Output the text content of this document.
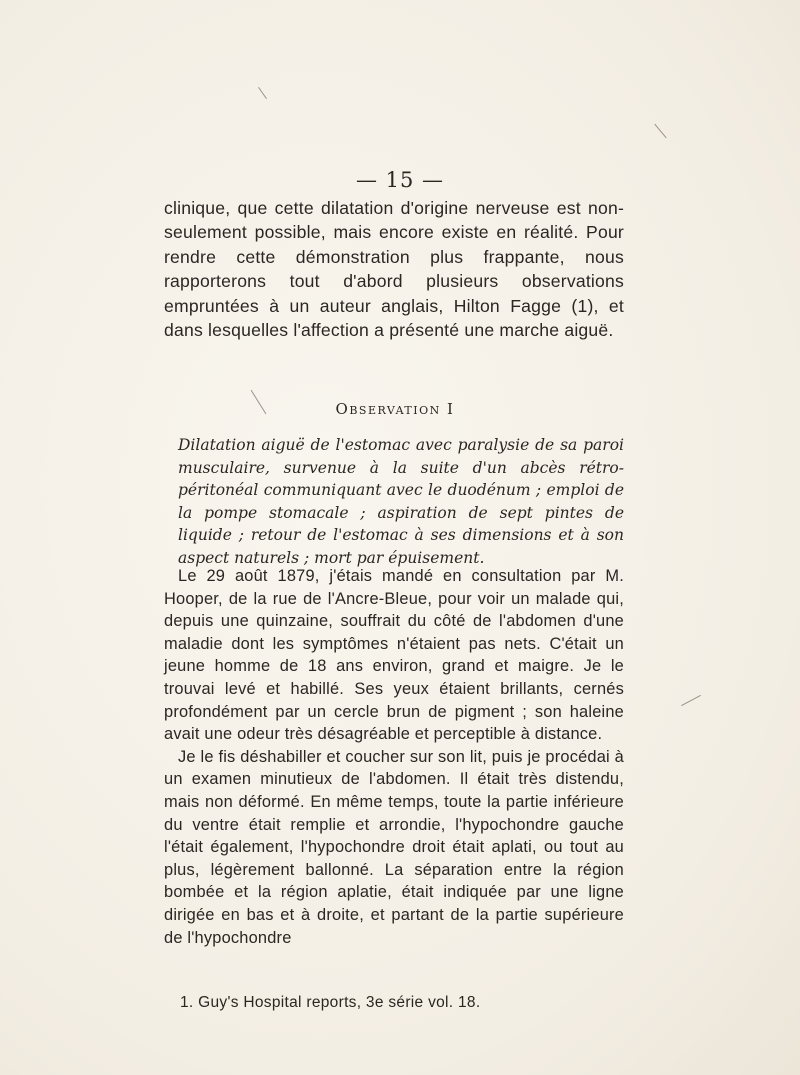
— 15 —

clinique, que cette dilatation d'origine nerveuse est non-seulement possible, mais encore existe en réalité. Pour rendre cette démonstration plus frappante, nous rapporterons tout d'abord plusieurs observations empruntées à un auteur anglais, Hilton Fagge (1), et dans lesquelles l'affection a présenté une marche aiguë.

Observation I
Dilatation aiguë de l'estomac avec paralysie de sa paroi musculaire, survenue à la suite d'un abcès rétro-péritonéal communiquant avec le duodénum ; emploi de la pompe stomacale ; aspiration de sept pintes de liquide ; retour de l'estomac à ses dimensions et à son aspect naturels ; mort par épuisement.

Le 29 août 1879, j'étais mandé en consultation par M. Hooper, de la rue de l'Ancre-Bleue, pour voir un malade qui, depuis une quinzaine, souffrait du côté de l'abdomen d'une maladie dont les symptômes n'étaient pas nets. C'était un jeune homme de 18 ans environ, grand et maigre. Je le trouvai levé et habillé. Ses yeux étaient brillants, cernés profondément par un cercle brun de pigment ; son haleine avait une odeur très désagréable et perceptible à distance.

Je le fis déshabiller et coucher sur son lit, puis je procédai à un examen minutieux de l'abdomen. Il était très distendu, mais non déformé. En même temps, toute la partie inférieure du ventre était remplie et arrondie, l'hypochondre gauche l'était également, l'hypochondre droit était aplati, ou tout au plus, légèrement ballonné. La séparation entre la région bombée et la région aplatie, était indiquée par une ligne dirigée en bas et à droite, et partant de la partie supérieure de l'hypochondre

1. Guy's Hospital reports, 3e série vol. 18.
